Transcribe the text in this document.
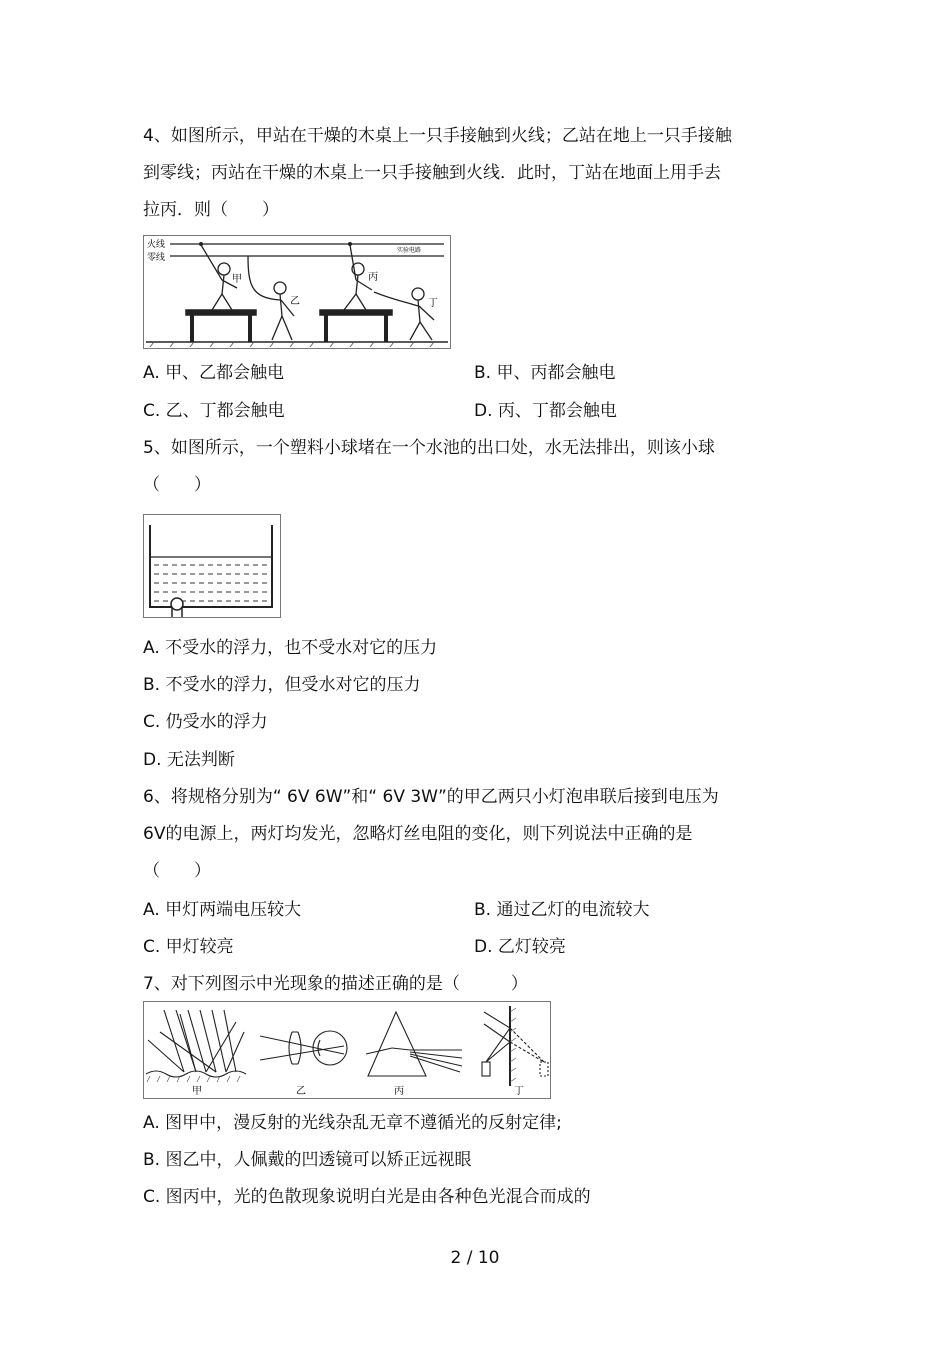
4、如图所示，甲站在干燥的木桌上一只手接触到火线；乙站在地上一只手接触
到零线；丙站在干燥的木桌上一只手接触到火线．此时，丁站在地面上用手去
拉丙．则（　　）
火线
零线
实验电路
甲
乙
丙
丁
A. 甲、乙都会触电	B. 甲、丙都会触电
C. 乙、丁都会触电	D. 丙、丁都会触电
5、如图所示，一个塑料小球堵在一个水池的出口处，水无法排出，则该小球
（　　）
A. 不受水的浮力，也不受水对它的压力
B. 不受水的浮力，但受水对它的压力
C. 仍受水的浮力
D. 无法判断
6、将规格分别为“ 6V 6W”和“ 6V 3W”的甲乙两只小灯泡串联后接到电压为
6V的电源上，两灯均发光，忽略灯丝电阻的变化，则下列说法中正确的是
（　　）
A. 甲灯两端电压较大	B. 通过乙灯的电流较大
C. 甲灯较亮	D. 乙灯较亮
7、对下列图示中光现象的描述正确的是（　　　）
甲	乙	丙	丁
A. 图甲中，漫反射的光线杂乱无章不遵循光的反射定律;
B. 图乙中，人佩戴的凹透镜可以矫正远视眼
C. 图丙中，光的色散现象说明白光是由各种色光混合而成的
2 / 10
